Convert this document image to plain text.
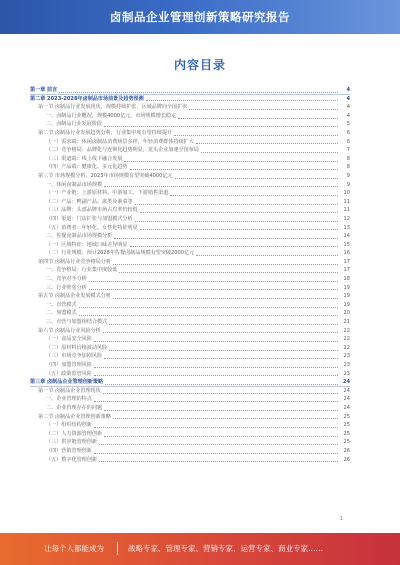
卤制品企业管理创新策略研究报告
内容目录
第一章 前言	4
第二章 2023-2028年卤制品市场前景及趋势预测	4
第一节 卤制品行业发展现状，规模持续扩张，区域品牌向全国扩张	4
一、卤制品行业概况，规模4000亿元，市场规模增长稳定	4
二、卤制品行业发展阶段	5
第二节 卤制品行业发展趋势分析，行业集中度有望持续提升	6
（一）需求端：休闲卤制品消费场景多样，年轻消费群体持续扩大	6
（二）竞争格局：品牌化与连锁化趋势明显，龙头企业加速全国布局	7
（三）渠道端：线上线下融合发展	8
（四）产品端：健康化、多元化趋势	8
第三节 市场规模分析，2023年市场规模有望突破4000亿元	9
一、休闲卤制品市场规模	9
（一）产业链：上游原材料、中游加工、下游销售渠道	10
（二）产品：鸭副产品、禽类及素菜等	11
（三）品牌：头部品牌市场占有率仍较低	11
（四）渠道：门店扩张与加盟模式分析	12
（五）消费者：年轻化、女性化特征明显	13
二、佐餐卤制品市场规模分析	14
（一）区域特征：地域口味差异明显	15
（二）行业规模：预计2028年佐餐卤制品规模有望突破2000亿元	16
第四节 卤制品行业竞争格局分析	17
一、竞争格局：行业集中度较低	17
二、竞争对手分析	18
三、行业壁垒分析	19
第五节 卤制品企业发展模式分析	19
一、直营模式	19
二、加盟模式	20
三、直营与加盟相结合模式	21
第六节 卤制品行业风险分析	22
（一）食品安全风险	22
（二）原材料价格波动风险	22
（三）市场竞争加剧风险	23
（四）加盟管理风险	23
（五）政策监管风险	23
第三章 卤制品企业管理创新策略	24
第一节 卤制品企业管理现状	24
一、企业管理的特点	24
二、企业管理存在的问题	24
第二节 卤制品企业管理创新策略	25
（一）组织结构创新	25
（二）人力资源管理创新	25
（三）供应链管理创新	25
（四）营销管理创新	26
（五）数字化管理创新	26
1
让每个人都能成为	战略专家、管理专家、营销专家、运营专家、商业专家……
